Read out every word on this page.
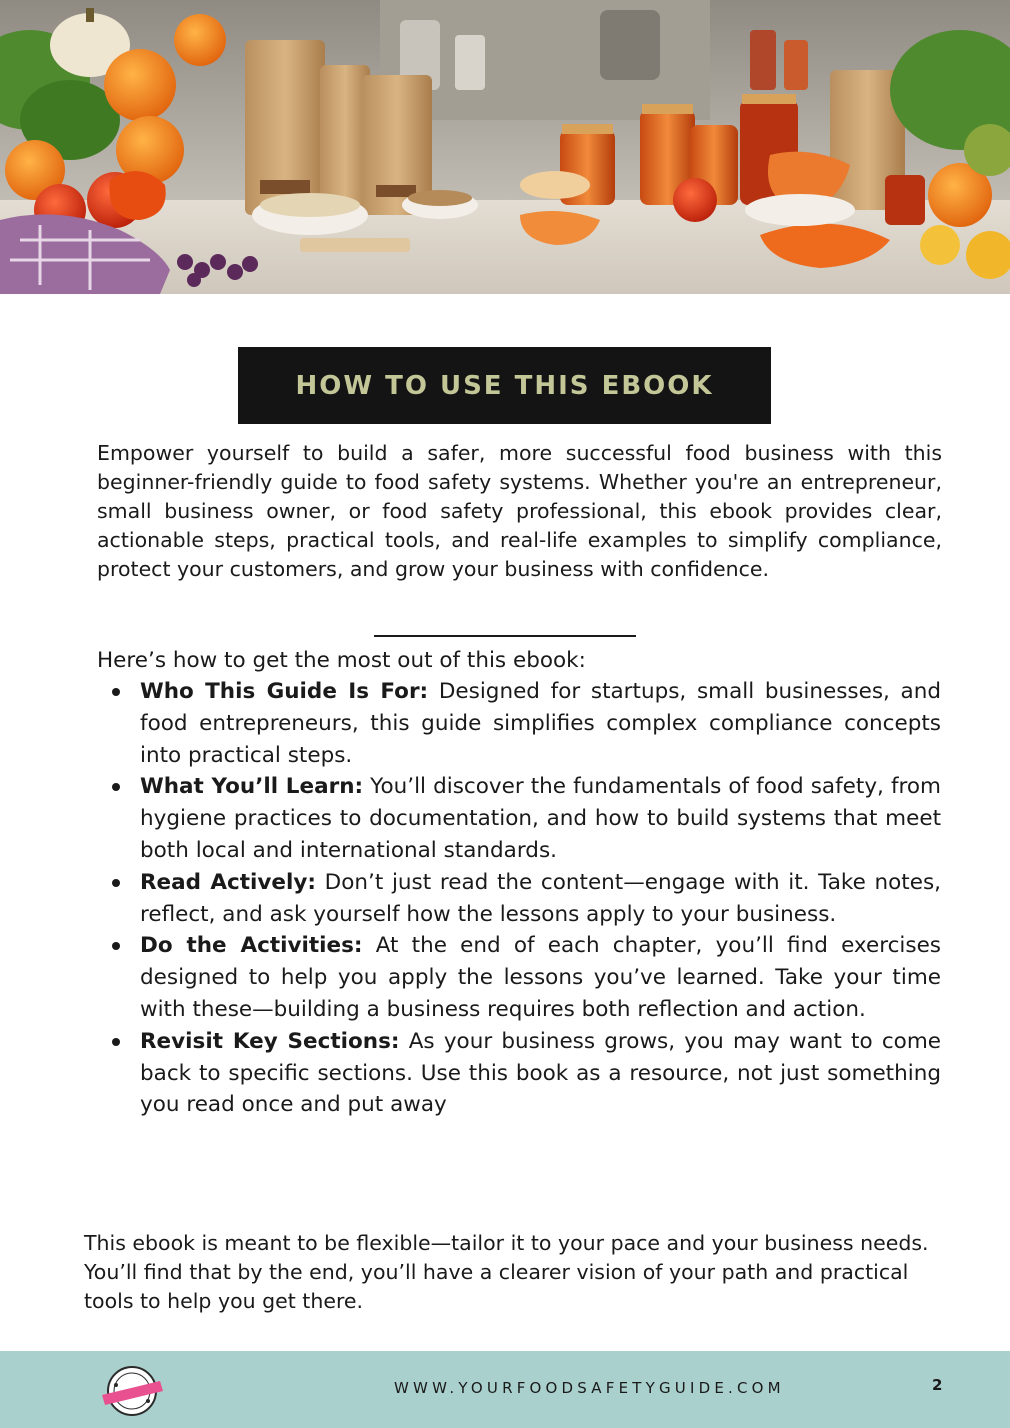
HOW TO USE THIS EBOOK

Empower yourself to build a safer, more successful food business with this beginner-friendly guide to food safety systems. Whether you're an entrepreneur, small business owner, or food safety professional, this ebook provides clear, actionable steps, practical tools, and real-life examples to simplify compliance, protect your customers, and grow your business with confidence.

Here’s how to get the most out of this ebook:

Who This Guide Is For: Designed for startups, small businesses, and food entrepreneurs, this guide simplifies complex compliance concepts into practical steps.
What You’ll Learn: You’ll discover the fundamentals of food safety, from hygiene practices to documentation, and how to build systems that meet both local and international standards.
Read Actively: Don’t just read the content—engage with it. Take notes, reflect, and ask yourself how the lessons apply to your business.
Do the Activities: At the end of each chapter, you’ll find exercises designed to help you apply the lessons you’ve learned. Take your time with these—building a business requires both reflection and action.
Revisit Key Sections: As your business grows, you may want to come back to specific sections. Use this book as a resource, not just something you read once and put away

This ebook is meant to be flexible—tailor it to your pace and your business needs. You’ll find that by the end, you’ll have a clearer vision of your path and practical tools to help you get there.

WWW.YOURFOODSAFETYGUIDE.COM	2
